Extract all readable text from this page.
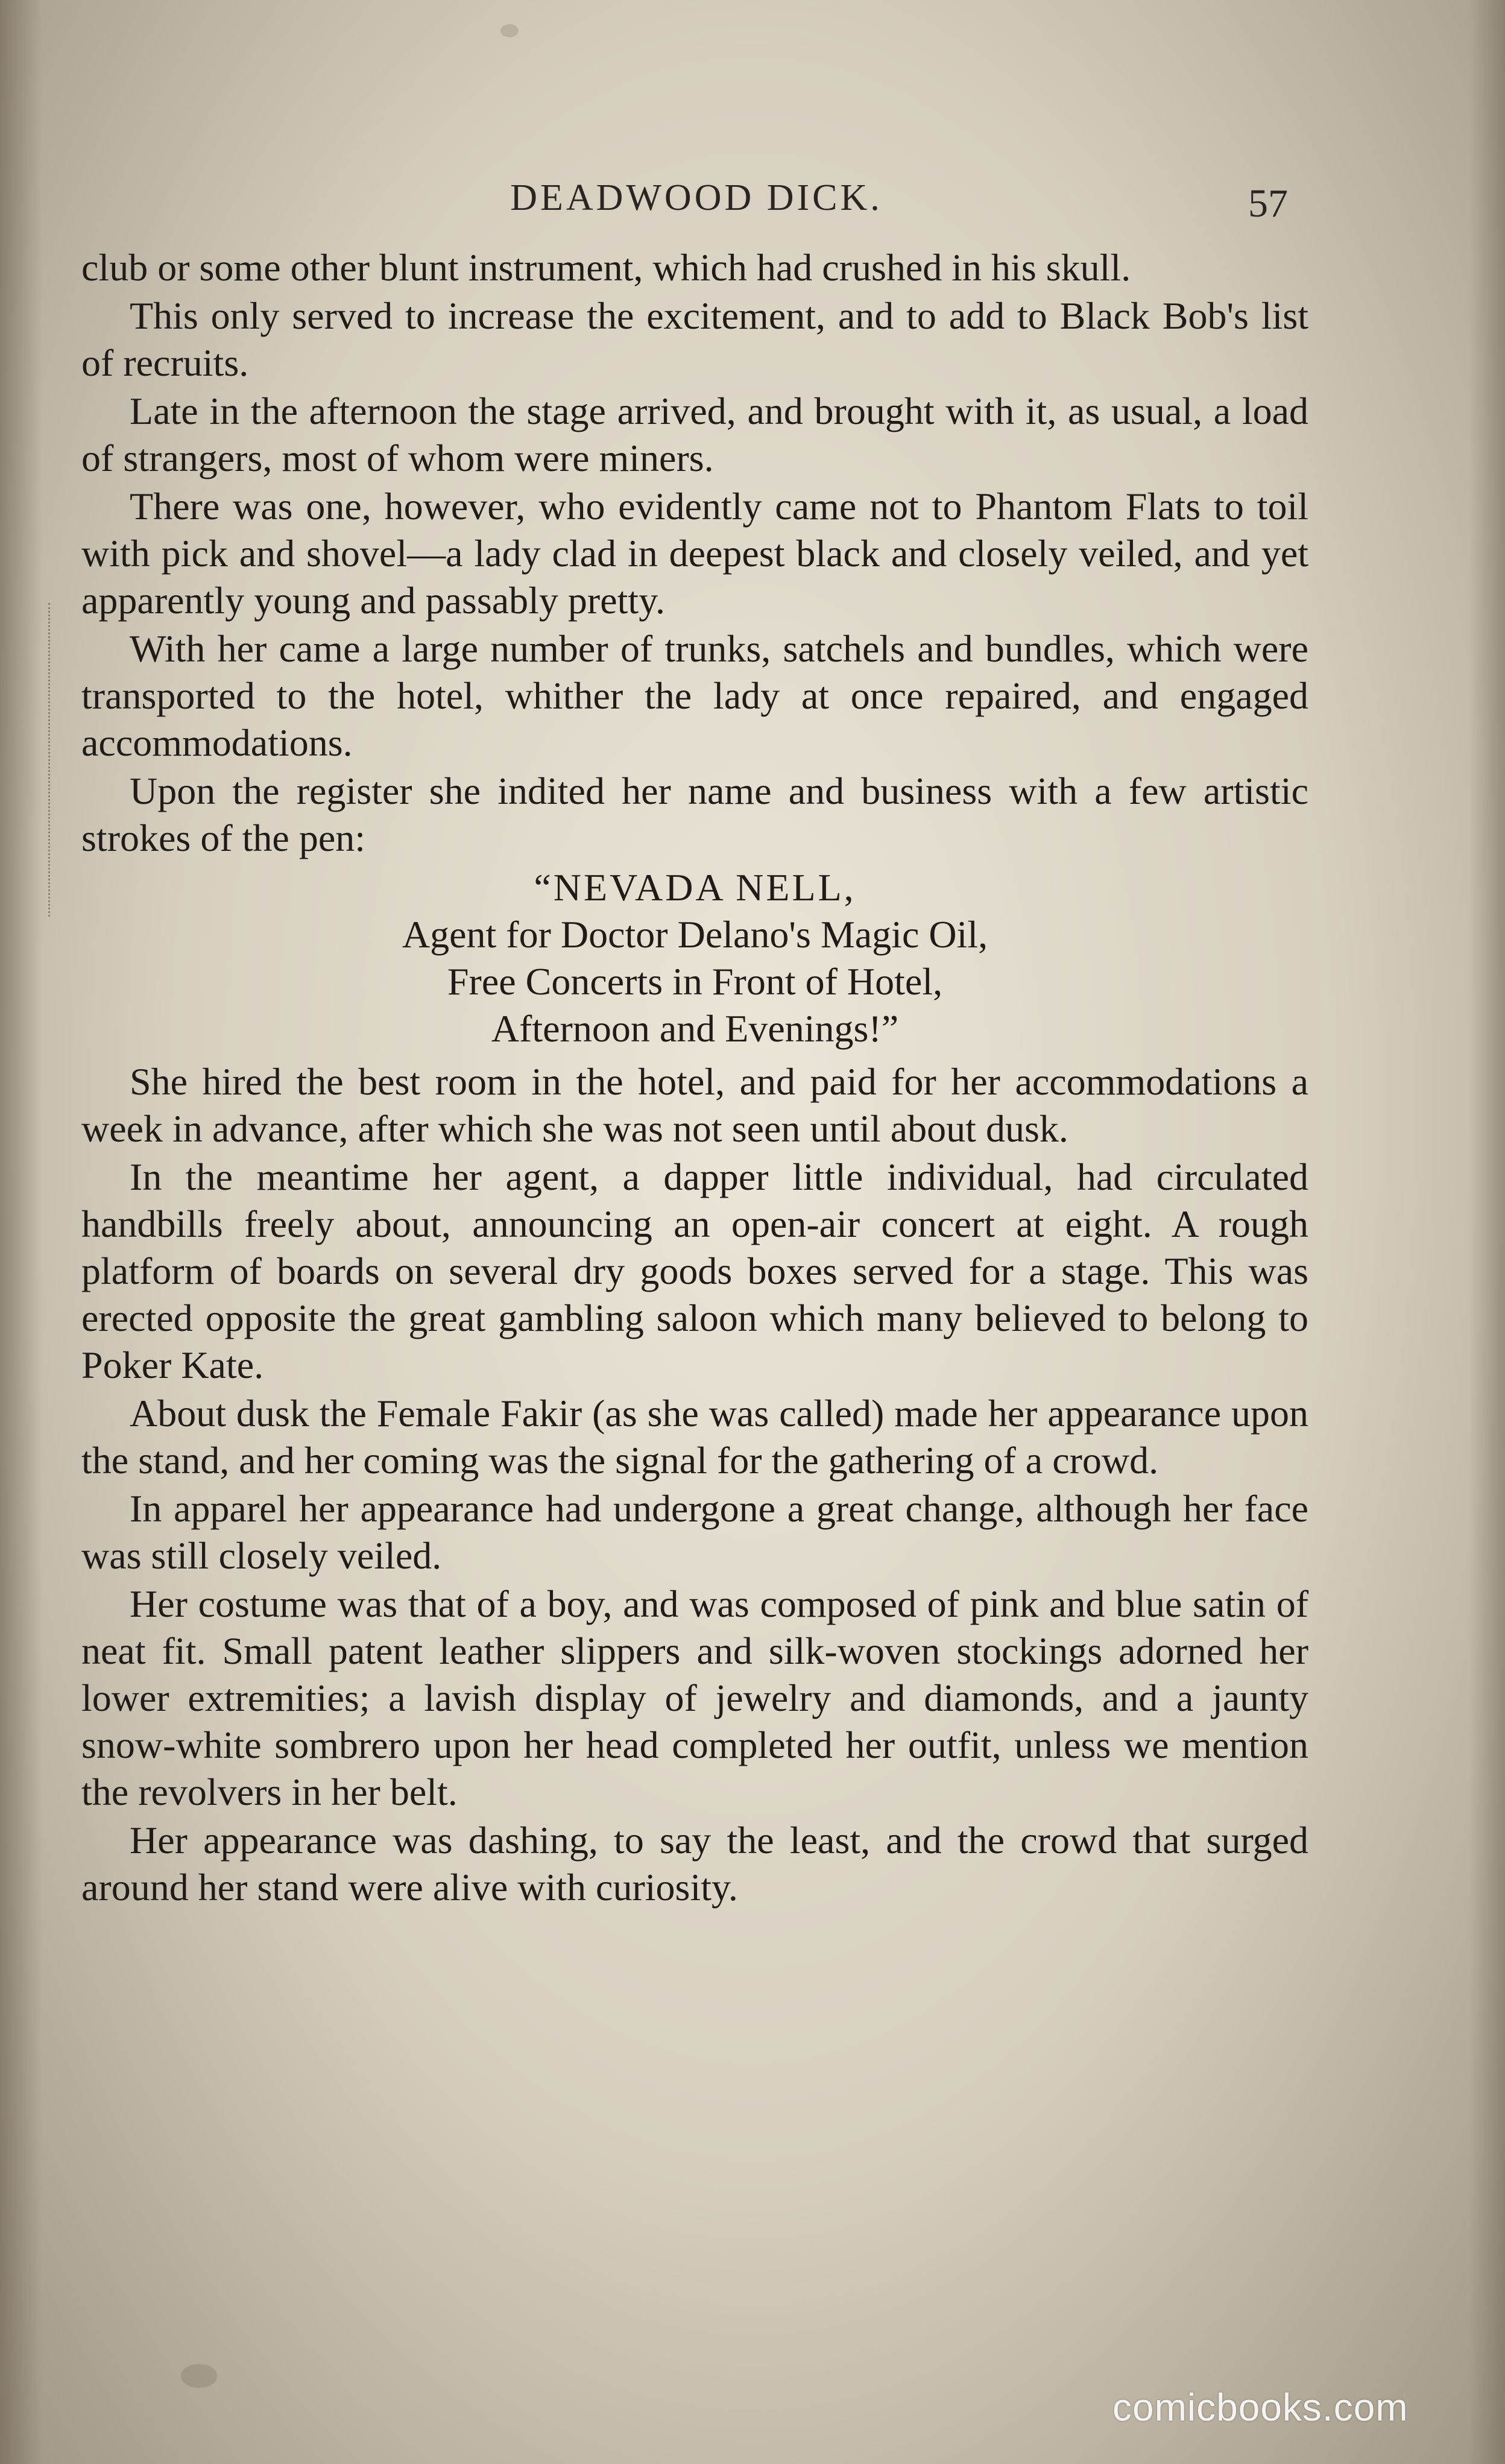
DEADWOOD DICK.	57

club or some other blunt instrument, which had crushed in his skull.

This only served to increase the excitement, and to add to Black Bob's list of recruits.

Late in the afternoon the stage arrived, and brought with it, as usual, a load of strangers, most of whom were miners.

There was one, however, who evidently came not to Phantom Flats to toil with pick and shovel—a lady clad in deepest black and closely veiled, and yet apparently young and passably pretty.

With her came a large number of trunks, satchels and bundles, which were transported to the hotel, whither the lady at once repaired, and engaged accommodations.

Upon the register she indited her name and business with a few artistic strokes of the pen:

“NEVADA NELL,
Agent for Doctor Delano's Magic Oil,
Free Concerts in Front of Hotel,
Afternoon and Evenings!”

She hired the best room in the hotel, and paid for her accommodations a week in advance, after which she was not seen until about dusk.

In the meantime her agent, a dapper little individual, had circulated handbills freely about, announcing an open-air concert at eight. A rough platform of boards on several dry goods boxes served for a stage. This was erected opposite the great gambling saloon which many believed to belong to Poker Kate.

About dusk the Female Fakir (as she was called) made her appearance upon the stand, and her coming was the signal for the gathering of a crowd.

In apparel her appearance had undergone a great change, although her face was still closely veiled.

Her costume was that of a boy, and was composed of pink and blue satin of neat fit. Small patent leather slippers and silk-woven stockings adorned her lower extremities; a lavish display of jewelry and diamonds, and a jaunty snow-white sombrero upon her head completed her outfit, unless we mention the revolvers in her belt.

Her appearance was dashing, to say the least, and the crowd that surged around her stand were alive with curiosity.

comicbooks.com
